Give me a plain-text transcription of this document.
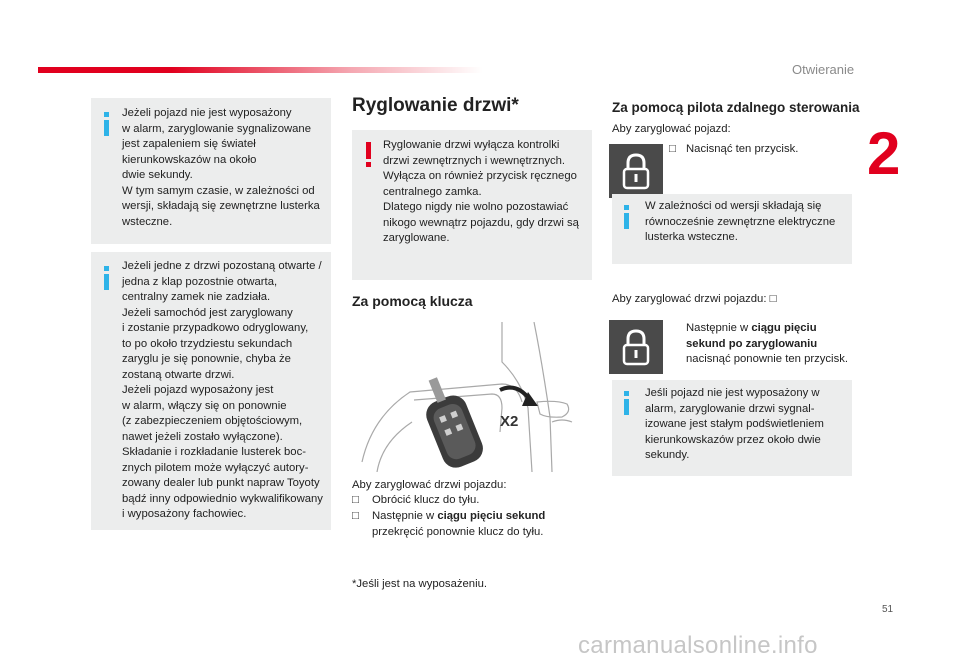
Otwieranie
2
Jeżeli pojazd nie jest wyposażony
w alarm, zaryglowanie sygnalizowane
jest zapaleniem się świateł
kierunkowskazów na około
dwie sekundy.
W tym samym czasie, w zależności od
wersji, składają się zewnętrzne lusterka
wsteczne.
Jeżeli jedne z drzwi pozostaną otwarte /
jedna z klap pozostnie otwarta,
centralny zamek nie zadziała.
Jeżeli samochód jest zaryglowany
i zostanie przypadkowo odryglowany,
to po około trzydziestu sekundach
zaryglu je się ponownie, chyba że
zostaną otwarte drzwi.
Jeżeli pojazd wyposażony jest
w alarm, włączy się on ponownie
(z zabezpieczeniem objętościowym,
nawet jeżeli zostało wyłączone).
Składanie i rozkładanie lusterek boc-
znych pilotem może wyłączyć autory-
zowany dealer lub punkt napraw Toyoty
bądź inny odpowiednio wykwalifikowany
i wyposażony fachowiec.
Ryglowanie drzwi*
Ryglowanie drzwi wyłącza kontrolki
drzwi zewnętrznych i wewnętrznych.
Wyłącza on również przycisk ręcznego
centralnego zamka.
Dlatego nigdy nie wolno pozostawiać
nikogo wewnątrz pojazdu, gdy drzwi są
zaryglowane.
Za pomocą klucza
X2
Aby zaryglować drzwi pojazdu:
□ Obrócić klucz do tyłu.
□ Następnie w ciągu pięciu sekund
przekręcić ponownie klucz do tyłu.
*Jeśli jest na wyposażeniu.
Za pomocą pilota zdalnego sterowania
Aby zaryglować pojazd:
□ Nacisnąć ten przycisk.
W zależności od wersji składają się
równocześnie zewnętrzne elektryczne
lusterka wsteczne.
Aby zaryglować drzwi pojazdu: □
Następnie w ciągu pięciu
sekund po zaryglowaniu
nacisnąć ponownie ten przycisk.
Jeśli pojazd nie jest wyposażony w
alarm, zaryglowanie drzwi sygnal-
izowane jest stałym podświetleniem
kierunkowskazów przez około dwie
sekundy.
51
carmanualsonline.info
